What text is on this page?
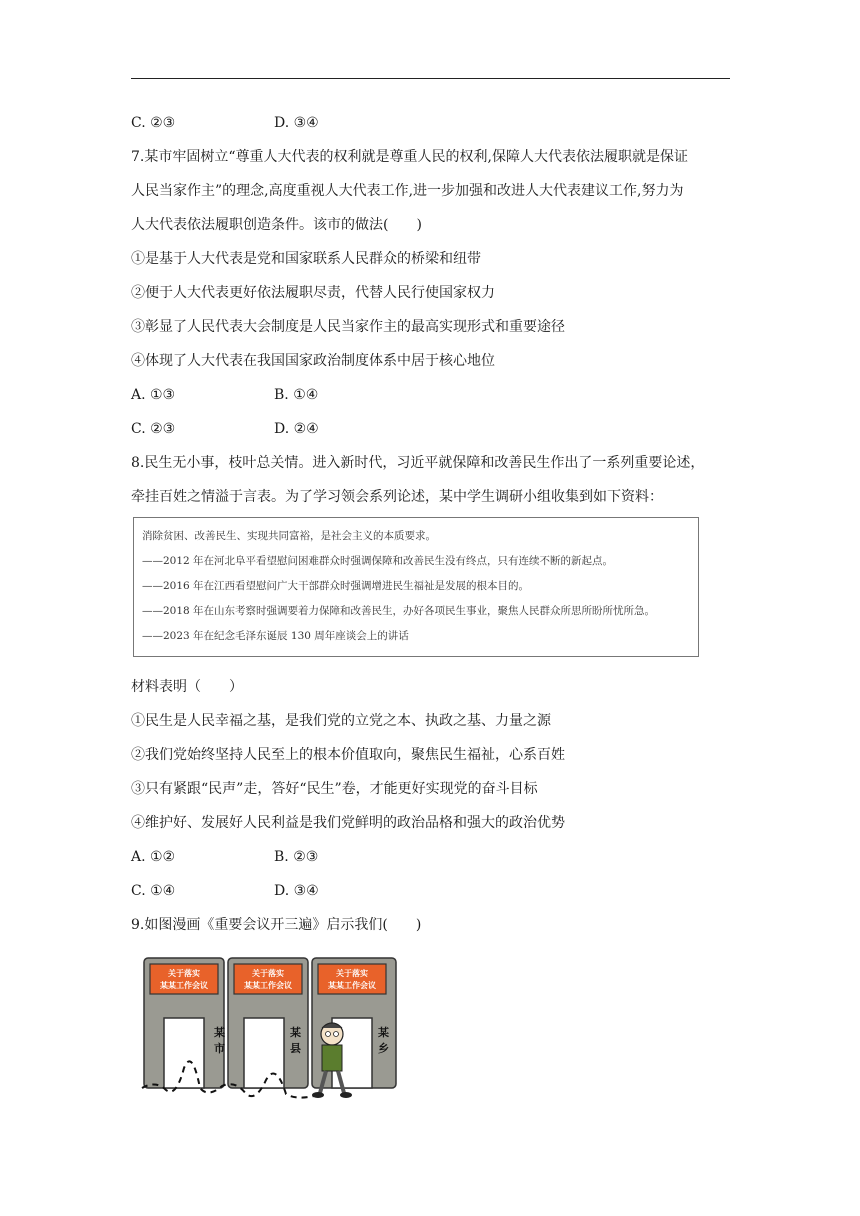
C. ②③	D. ③④
7.某市牢固树立“尊重人大代表的权利就是尊重人民的权利,保障人大代表依法履职就是保证
人民当家作主”的理念,高度重视人大代表工作,进一步加强和改进人大代表建议工作,努力为
人大代表依法履职创造条件。该市的做法(　　)
①是基于人大代表是党和国家联系人民群众的桥梁和纽带
②便于人大代表更好依法履职尽责，代替人民行使国家权力
③彰显了人民代表大会制度是人民当家作主的最高实现形式和重要途径
④体现了人大代表在我国国家政治制度体系中居于核心地位
A. ①③	B. ①④
C. ②③	D. ②④
8.民生无小事，枝叶总关情。进入新时代，习近平就保障和改善民生作出了一系列重要论述，
牵挂百姓之情溢于言表。为了学习领会系列论述，某中学生调研小组收集到如下资料：
消除贫困、改善民生、实现共同富裕，是社会主义的本质要求。
——2012 年在河北阜平看望慰问困难群众时强调保障和改善民生没有终点，只有连续不断的新起点。
——2016 年在江西看望慰问广大干部群众时强调增进民生福祉是发展的根本目的。
——2018 年在山东考察时强调要着力保障和改善民生，办好各项民生事业，聚焦人民群众所思所盼所忧所急。
——2023 年在纪念毛泽东诞辰 130 周年座谈会上的讲话
材料表明（　　）
①民生是人民幸福之基，是我们党的立党之本、执政之基、力量之源
②我们党始终坚持人民至上的根本价值取向，聚焦民生福祉，心系百姓
③只有紧跟“民声”走，答好“民生”卷，才能更好实现党的奋斗目标
④维护好、发展好人民利益是我们党鲜明的政治品格和强大的政治优势
A. ①②	B. ②③
C. ①④	D. ③④
9.如图漫画《重要会议开三遍》启示我们(　　)
关于落实
某某工作会议
某
市
关于落实
某某工作会议
某
县
关于落实
某某工作会议
某
乡
